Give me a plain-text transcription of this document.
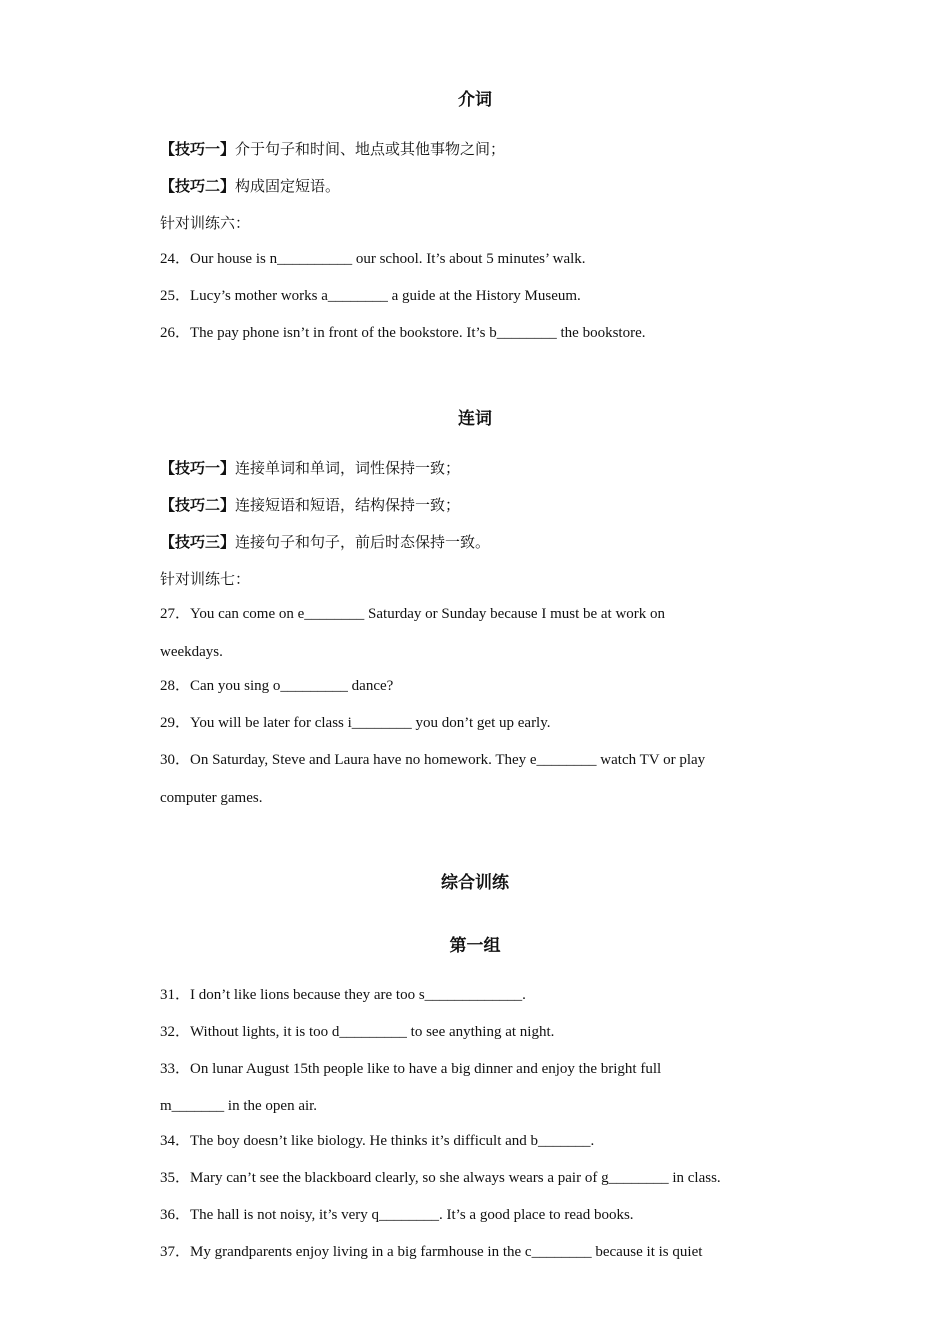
介词
【技巧一】介于句子和时间、地点或其他事物之间；
【技巧二】构成固定短语。
针对训练六：
24．Our house is n__________ our school. It’s about 5 minutes’ walk.
25．Lucy’s mother works a________ a guide at the History Museum.
26．The pay phone isn’t in front of the bookstore. It’s b________ the bookstore.
连词
【技巧一】连接单词和单词，词性保持一致；
【技巧二】连接短语和短语，结构保持一致；
【技巧三】连接句子和句子，前后时态保持一致。
针对训练七：
27．You can come on e________ Saturday or Sunday because I must be at work on
weekdays.
28．Can you sing o_________ dance?
29．You will be later for class i________ you don’t get up early.
30．On Saturday, Steve and Laura have no homework. They e________ watch TV or play
computer games.
综合训练
第一组
31．I don’t like lions because they are too s_____________.
32．Without lights, it is too d_________ to see anything at night.
33．On lunar August 15th people like to have a big dinner and enjoy the bright full
m_______ in the open air.
34．The boy doesn’t like biology. He thinks it’s difficult and b_______.
35．Mary can’t see the blackboard clearly, so she always wears a pair of g________ in class.
36．The hall is not noisy, it’s very q________. It’s a good place to read books.
37．My grandparents enjoy living in a big farmhouse in the c________ because it is quiet
